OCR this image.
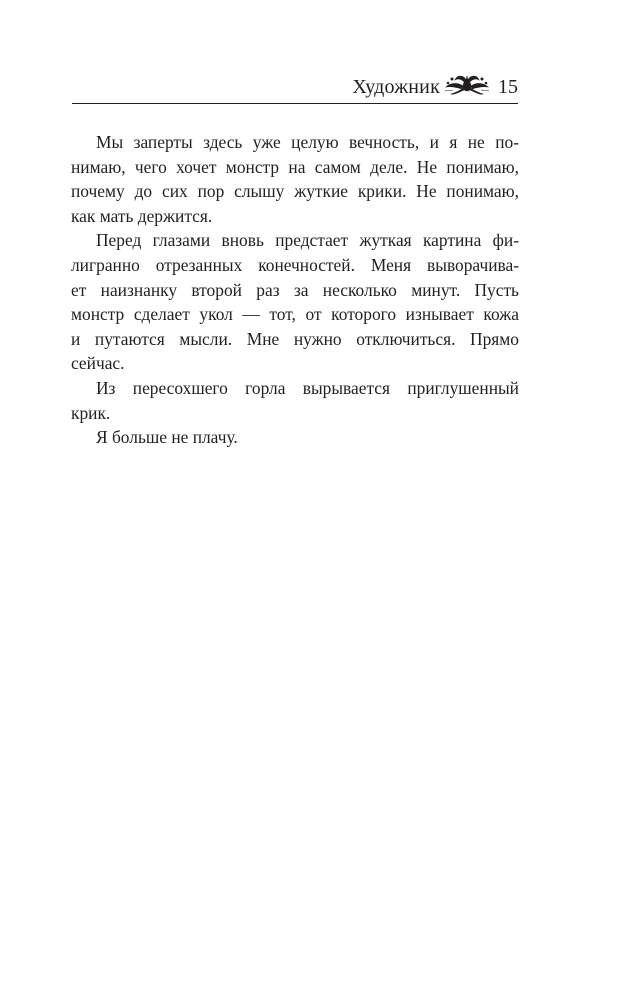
Художник	15
Мы заперты здесь уже целую вечность, и я не по-
нимаю, чего хочет монстр на самом деле. Не понимаю,
почему до сих пор слышу жуткие крики. Не понимаю,
как мать держится.
Перед глазами вновь предстает жуткая картина фи-
лигранно отрезанных конечностей. Меня выворачива-
ет наизнанку второй раз за несколько минут. Пусть
монстр сделает укол — тот, от которого изнывает кожа
и путаются мысли. Мне нужно отключиться. Прямо
сейчас.
Из пересохшего горла вырывается приглушенный
крик.
Я больше не плачу.
